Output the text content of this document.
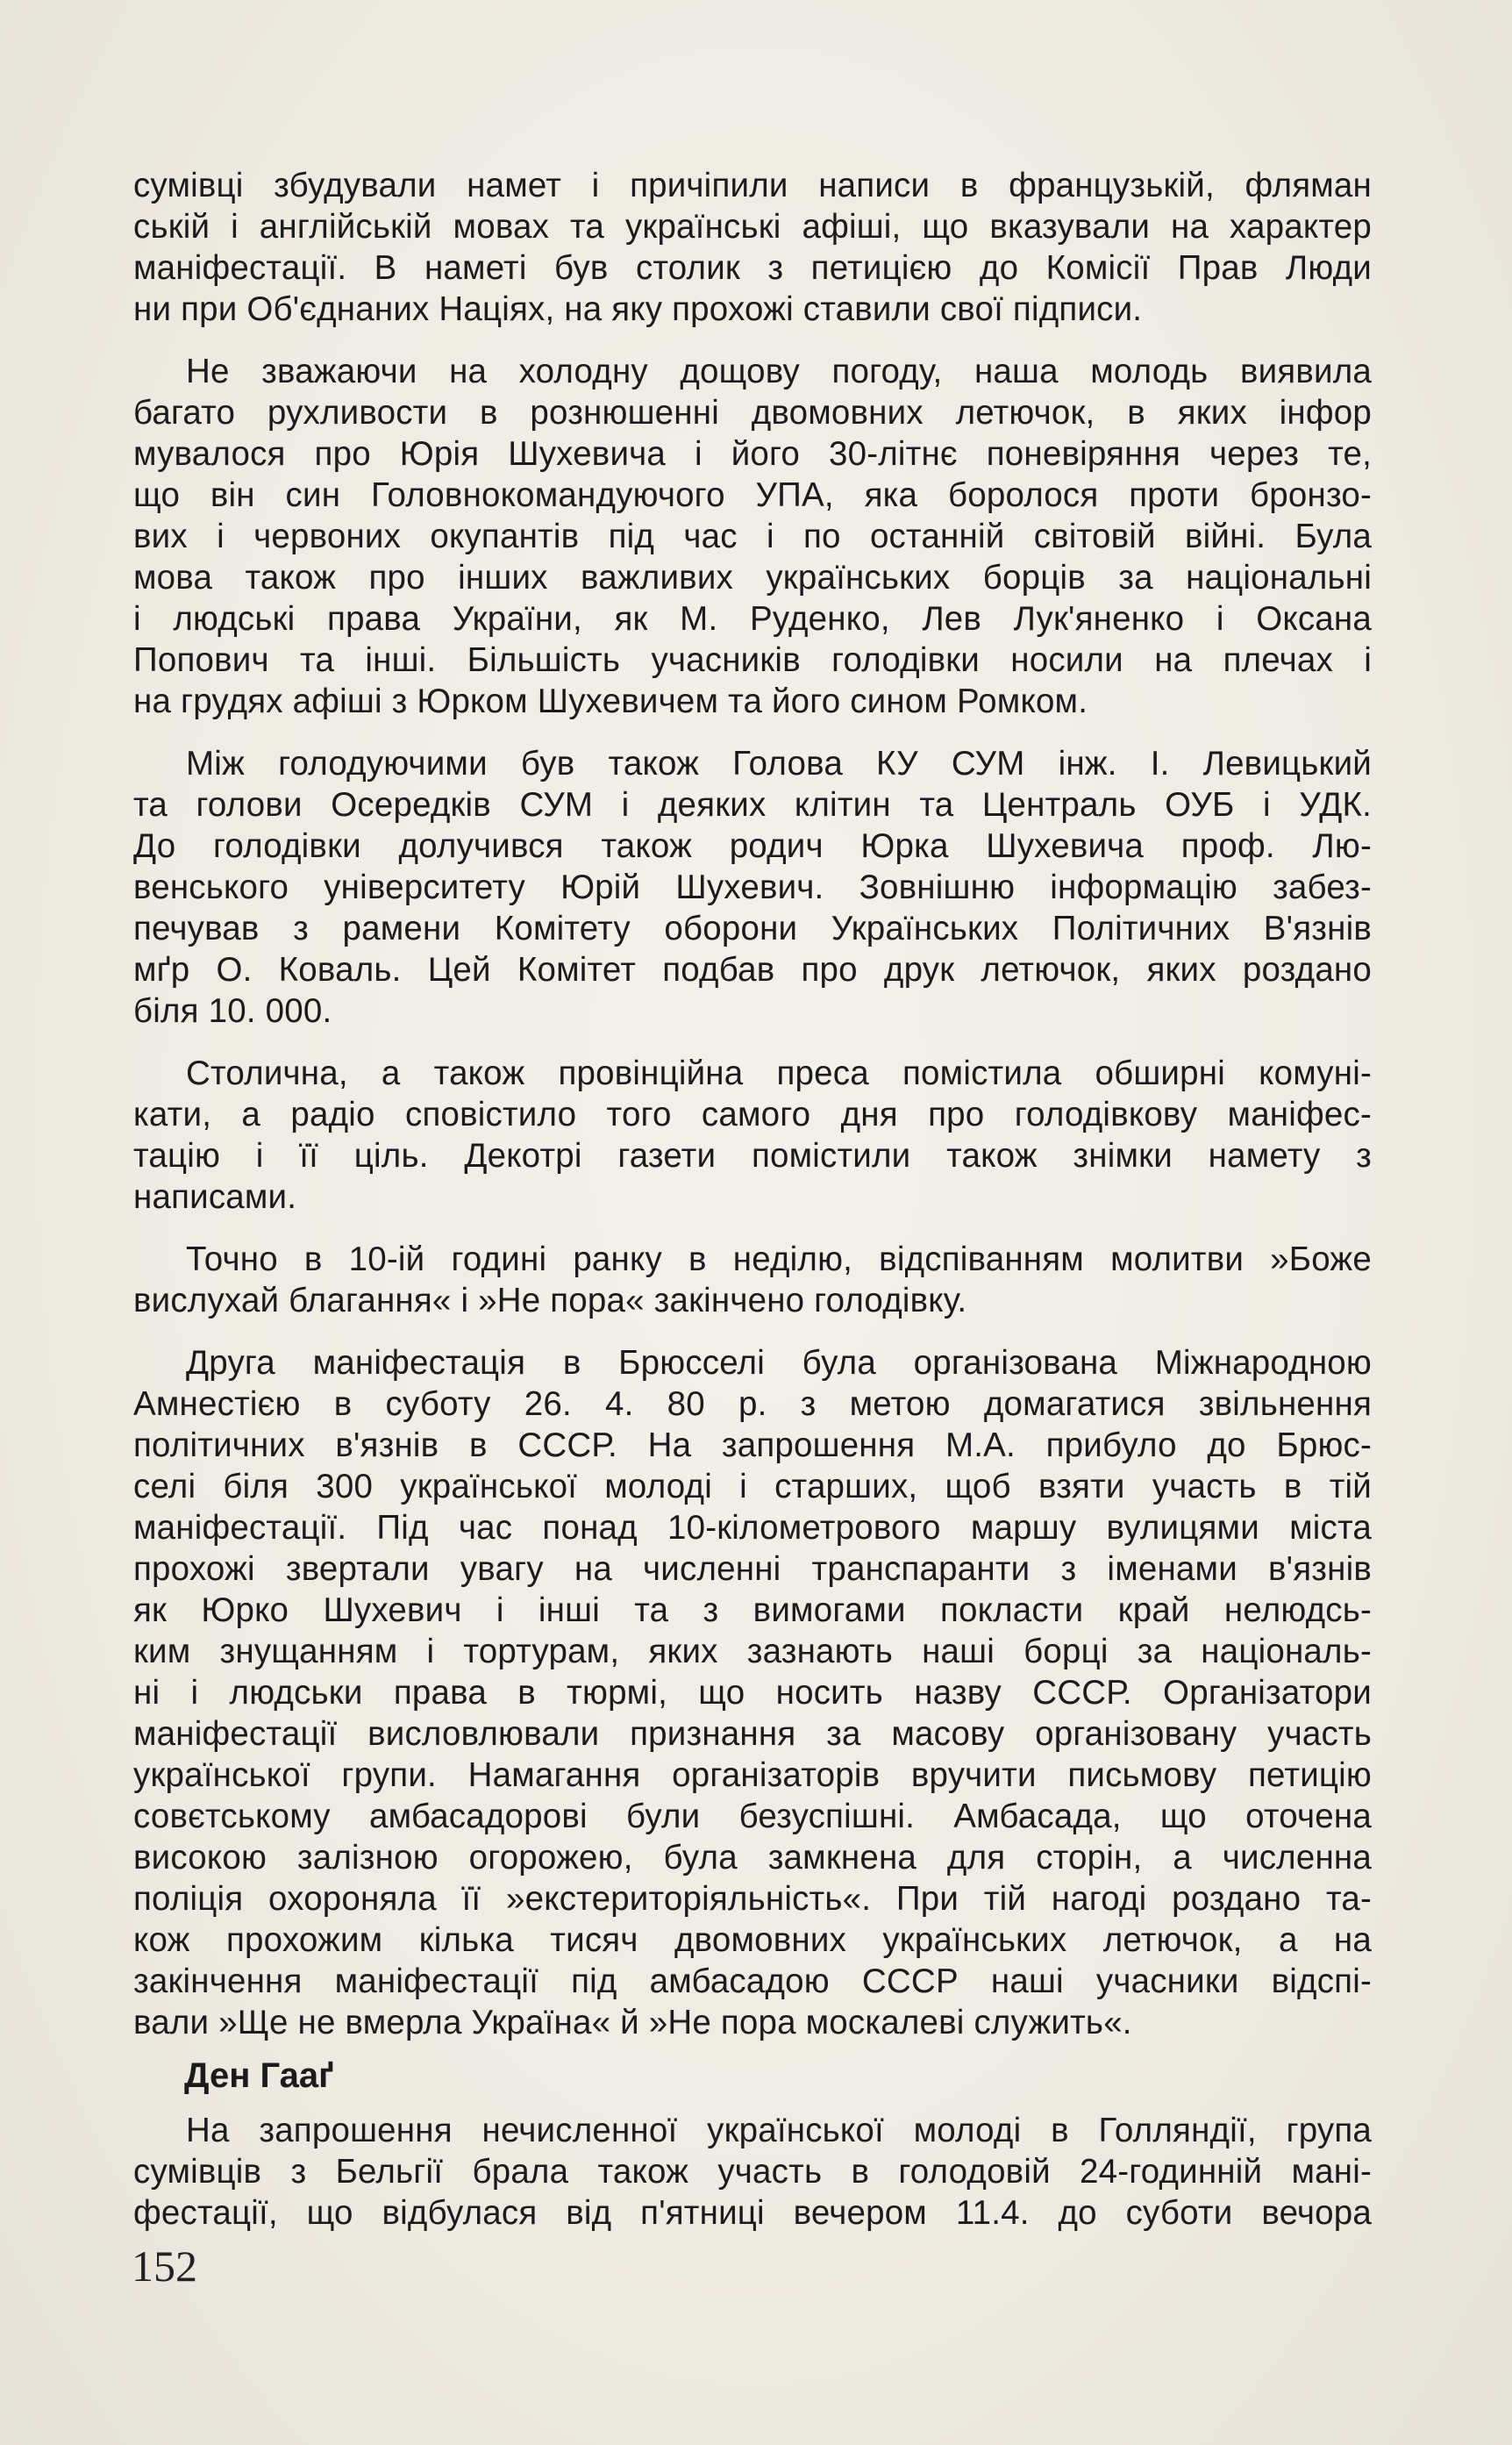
сумівці збудували намет і причіпили написи в французькій, фляман
ській і англійській мовах та українські афіші, що вказували на характер
маніфестації. В наметі був столик з петицією до Комісії Прав Люди
ни при Об'єднаних Націях, на яку прохожі ставили свої підписи.
Не зважаючи на холодну дощову погоду, наша молодь виявила
багато рухливости в рознюшенні двомовних летючок, в яких інфор
мувалося про Юрія Шухевича і його 30-літнє поневіряння через те,
що він син Головнокомандуючого УПА, яка боролося проти бронзо-
вих і червоних окупантів під час і по останній світовій війні. Була
мова також про інших важливих українських борців за національні
і людські права України, як М. Руденко, Лев Лук'яненко і Оксана
Попович та інші. Більшість учасників голодівки носили на плечах і
на грудях афіші з Юрком Шухевичем та його сином Ромком.
Між голодуючими був також Голова КУ СУМ інж. І. Левицький
та голови Осередків СУМ і деяких клітин та Централь ОУБ і УДК.
До голодівки долучився також родич Юрка Шухевича проф. Лю-
венського університету Юрій Шухевич. Зовнішню інформацію забез-
печував з рамени Комітету оборони Українських Політичних В'язнів
мґр О. Коваль. Цей Комітет подбав про друк летючок, яких роздано
біля 10. 000.
Столична, а також провінційна преса помістила обширні комуні-
кати, а радіо сповістило того самого дня про голодівкову маніфес-
тацію і її ціль. Декотрі газети помістили також знімки намету з
написами.
Точно в 10-ій годині ранку в неділю, відспіванням молитви »Боже
вислухай благання« і »Не пора« закінчено голодівку.
Друга маніфестація в Брюсселі була організована Міжнародною
Амнестією в суботу 26. 4. 80 р. з метою домагатися звільнення
політичних в'язнів в СССР. На запрошення М.А. прибуло до Брюс-
селі біля 300 української молоді і старших, щоб взяти участь в тій
маніфестації. Під час понад 10-кілометрового маршу вулицями міста
прохожі звертали увагу на численні транспаранти з іменами в'язнів
як Юрко Шухевич і інші та з вимогами покласти край нелюдсь-
ким знущанням і тортурам, яких зазнають наші борці за національ-
ні і людськи права в тюрмі, що носить назву СССР. Організатори
маніфестації висловлювали признання за масову організовану участь
української групи. Намагання організаторів вручити письмову петицію
совєтському амбасадорові були безуспішні. Амбасада, що оточена
високою залізною огорожею, була замкнена для сторін, а численна
поліція охороняла її »екстериторіяльність«. При тій нагоді роздано та-
кож прохожим кілька тисяч двомовних українських летючок, а на
закінчення маніфестації під амбасадою СССР наші учасники відспі-
вали »Ще не вмерла Україна« й »Не пора москалеві служить«.
Ден Гааґ
На запрошення нечисленної української молоді в Голляндії, група
сумівців з Бельгії брала також участь в голодовій 24-годинній мані-
фестації, що відбулася від п'ятниці вечером 11.4. до суботи вечора
152
